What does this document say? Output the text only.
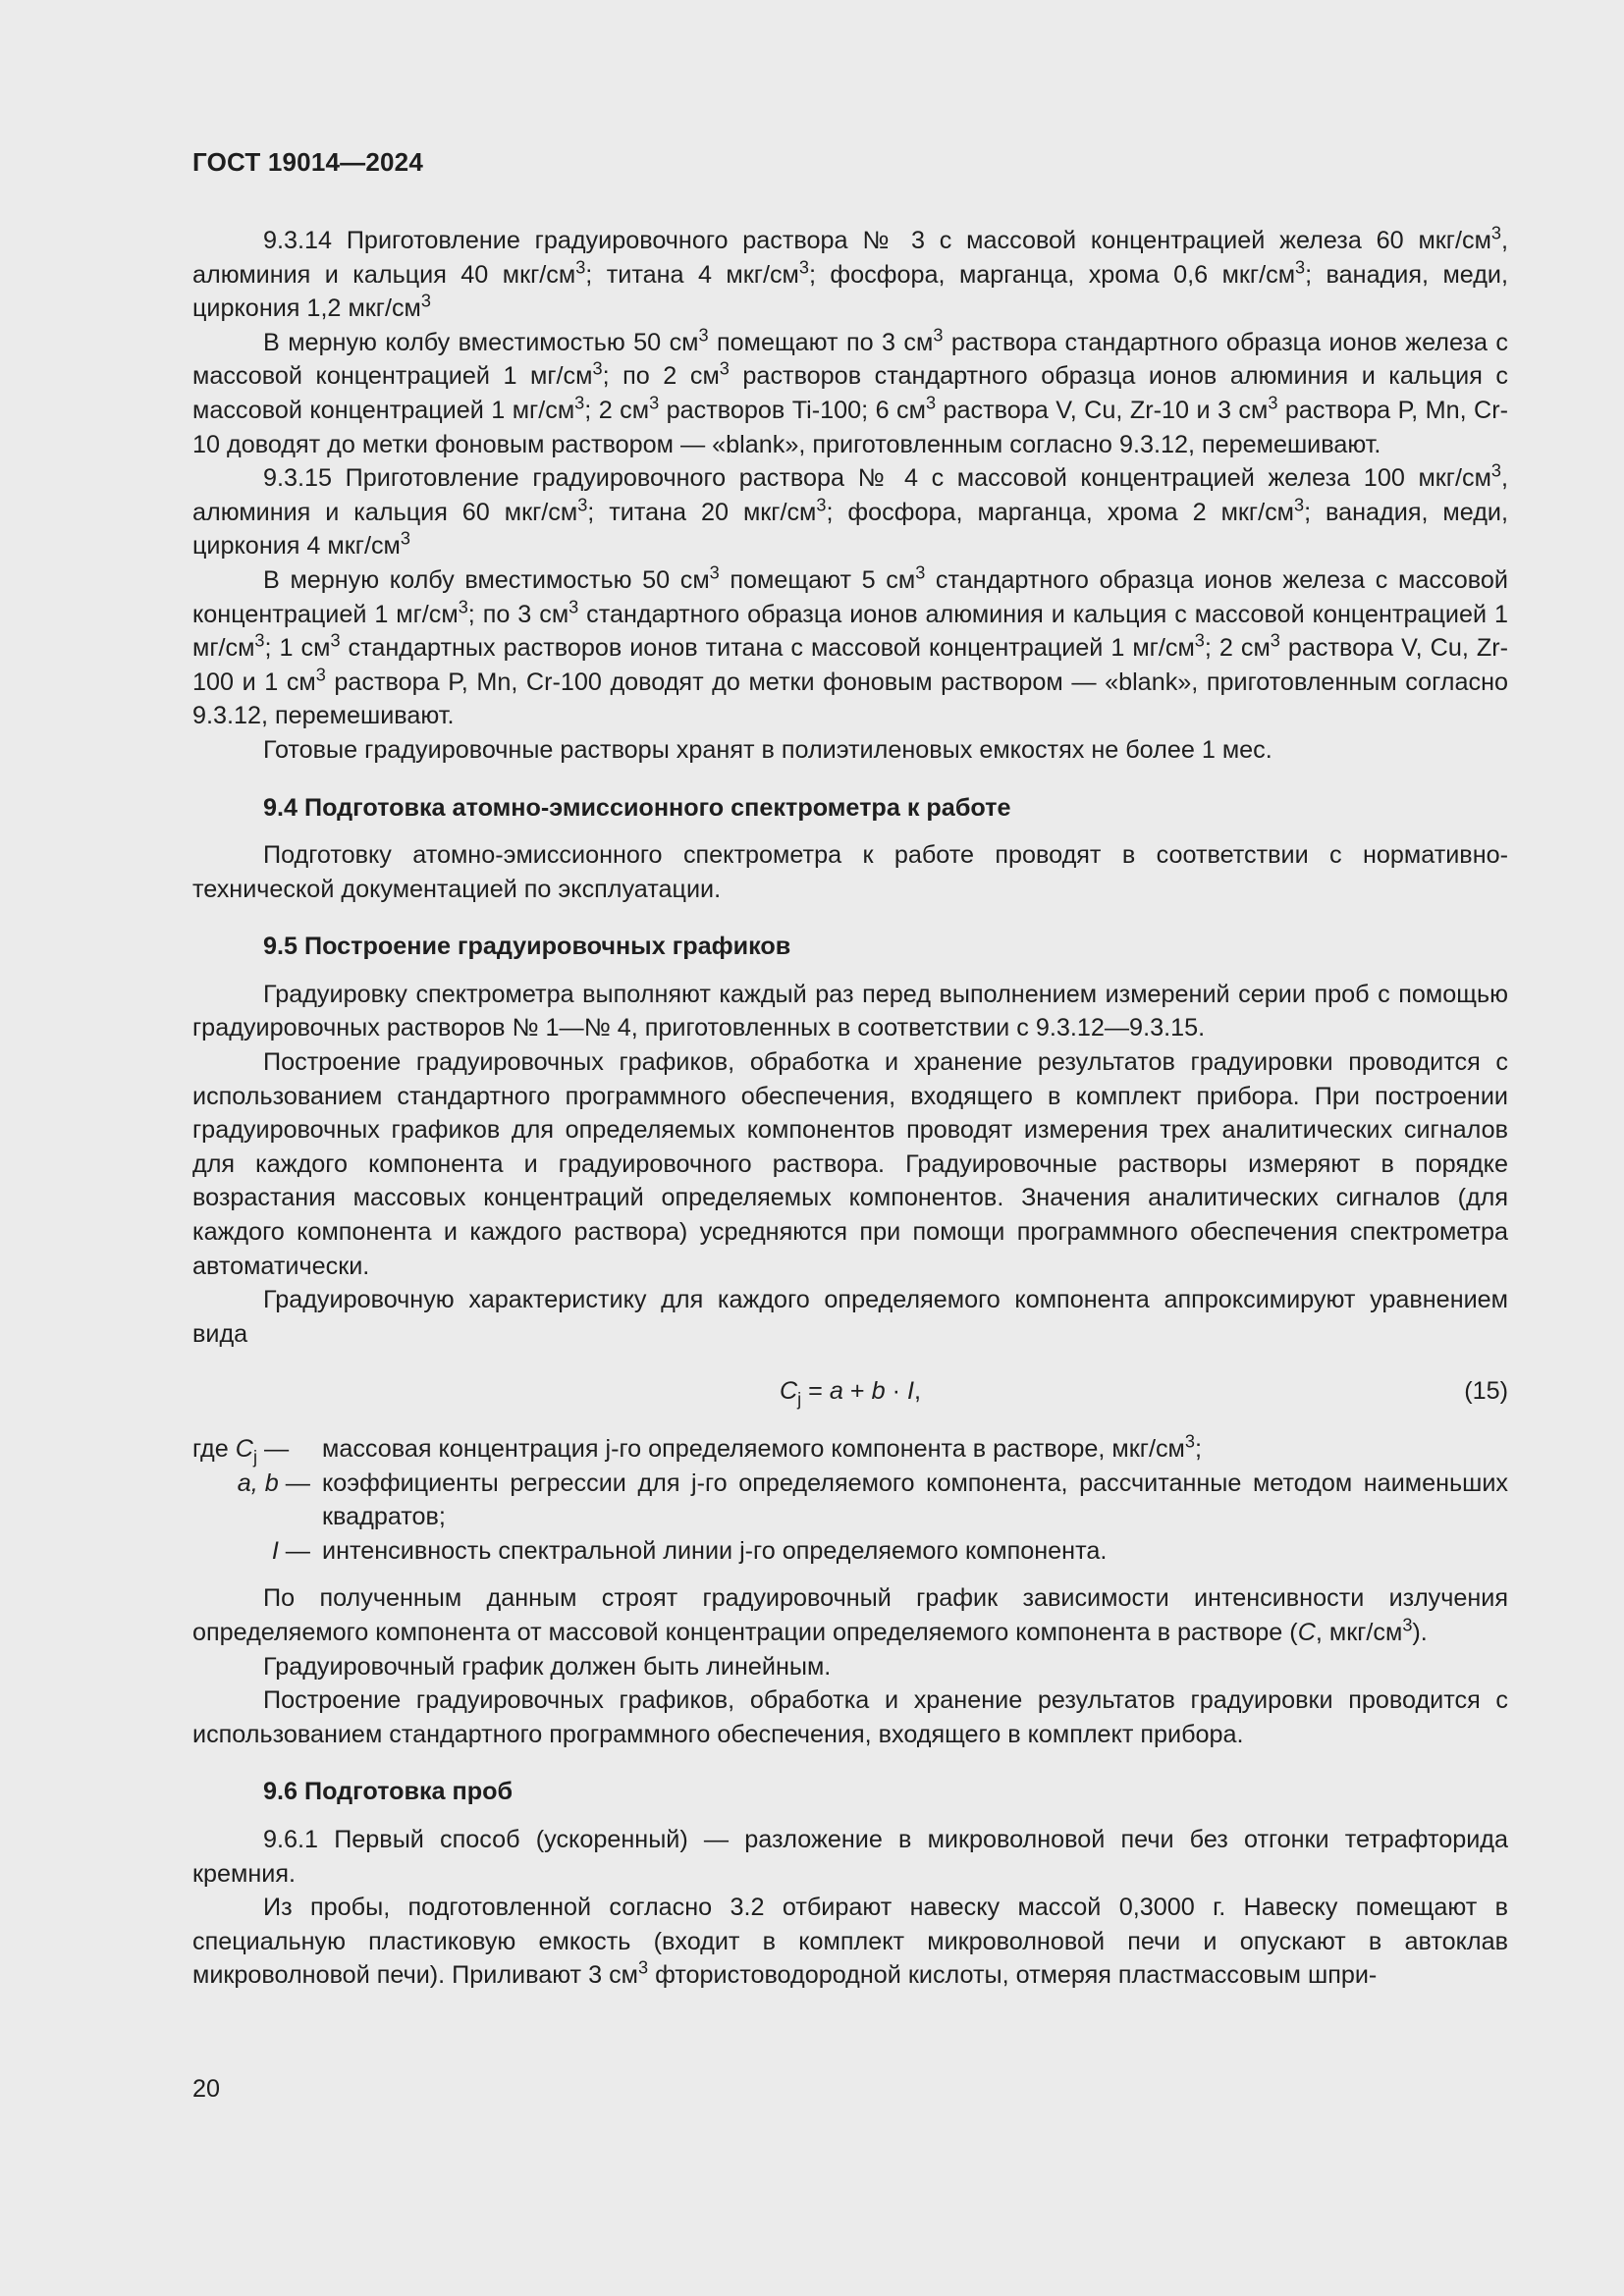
ГОСТ 19014—2024

9.3.14 Приготовление градуировочного раствора № 3 с массовой концентрацией железа 60 мкг/$см^3$, алюминия и кальция 40 мкг/$см^3$; титана 4 мкг/$см^3$; фосфора, марганца, хрома 0,6 мкг/$см^3$; ванадия, меди, циркония 1,2 мкг/$см^3$

В мерную колбу вместимостью 50 $см^3$ помещают по 3 $см^3$ раствора стандартного образца ионов железа с массовой концентрацией 1 $мг/см^3$; по 2 $см^3$ растворов стандартного образца ионов алюминия и кальция с массовой концентрацией 1 $мг/см^3$; 2 $см^3$ растворов Ti-100; 6 $см^3$ раствора V, Cu, Zr-10 и 3 $см^3$ раствора P, Mn, Cr-10 доводят до метки фоновым раствором — «blank», приготовленным согласно 9.3.12, перемешивают.

9.3.15 Приготовление градуировочного раствора № 4 с массовой концентрацией железа 100 мкг/$см^3$, алюминия и кальция 60 мкг/$см^3$; титана 20 мкг/$см^3$; фосфора, марганца, хрома 2 мкг/$см^3$; ванадия, меди, циркония 4 мкг/$см^3$

В мерную колбу вместимостью 50 $см^3$ помещают 5 $см^3$ стандартного образца ионов железа с массовой концентрацией 1 $мг/см^3$; по 3 $см^3$ стандартного образца ионов алюминия и кальция с массовой концентрацией 1 $мг/см^3$; 1 $см^3$ стандартных растворов ионов титана с массовой концентрацией 1 $мг/см^3$; 2 $см^3$ раствора V, Cu, Zr-100 и 1 $см^3$ раствора P, Mn, Cr-100 доводят до метки фоновым раствором — «blank», приготовленным согласно 9.3.12, перемешивают.

Готовые градуировочные растворы хранят в полиэтиленовых емкостях не более 1 мес.

9.4 Подготовка атомно-эмиссионного спектрометра к работе

Подготовку атомно-эмиссионного спектрометра к работе проводят в соответствии с нормативно-технической документацией по эксплуатации.

9.5 Построение градуировочных графиков

Градуировку спектрометра выполняют каждый раз перед выполнением измерений серии проб с помощью градуировочных растворов № 1—№ 4, приготовленных в соответствии с 9.3.12—9.3.15.

Построение градуировочных графиков, обработка и хранение результатов градуировки проводится с использованием стандартного программного обеспечения, входящего в комплект прибора. При построении градуировочных графиков для определяемых компонентов проводят измерения трех аналитических сигналов для каждого компонента и градуировочного раствора. Градуировочные растворы измеряют в порядке возрастания массовых концентраций определяемых компонентов. Значения аналитических сигналов (для каждого компонента и каждого раствора) усредняются при помощи программного обеспечения спектрометра автоматически.

Градуировочную характеристику для каждого определяемого компонента аппроксимируют уравнением вида

$C_j = a + b \cdot I$,	(15)
где $C_j$ —	массовая концентрация j-го определяемого компонента в растворе, мкг/$см^3$;
a, b — коэффициенты регрессии для j-го определяемого компонента, рассчитанные методом наименьших квадратов;
I — интенсивность спектральной линии j-го определяемого компонента.

По полученным данным строят градуировочный график зависимости интенсивности излучения определяемого компонента от массовой концентрации определяемого компонента в растворе (C, мкг/$см^3$).

Градуировочный график должен быть линейным.

Построение градуировочных графиков, обработка и хранение результатов градуировки проводится с использованием стандартного программного обеспечения, входящего в комплект прибора.

9.6 Подготовка проб

9.6.1 Первый способ (ускоренный) — разложение в микроволновой печи без отгонки тетрафторида кремния.

Из пробы, подготовленной согласно 3.2 отбирают навеску массой 0,3000 г. Навеску помещают в специальную пластиковую емкость (входит в комплект микроволновой печи и опускают в автоклав микроволновой печи). Приливают 3 $см^3$ фтористоводородной кислоты, отмеряя пластмассовым шпри-

20
